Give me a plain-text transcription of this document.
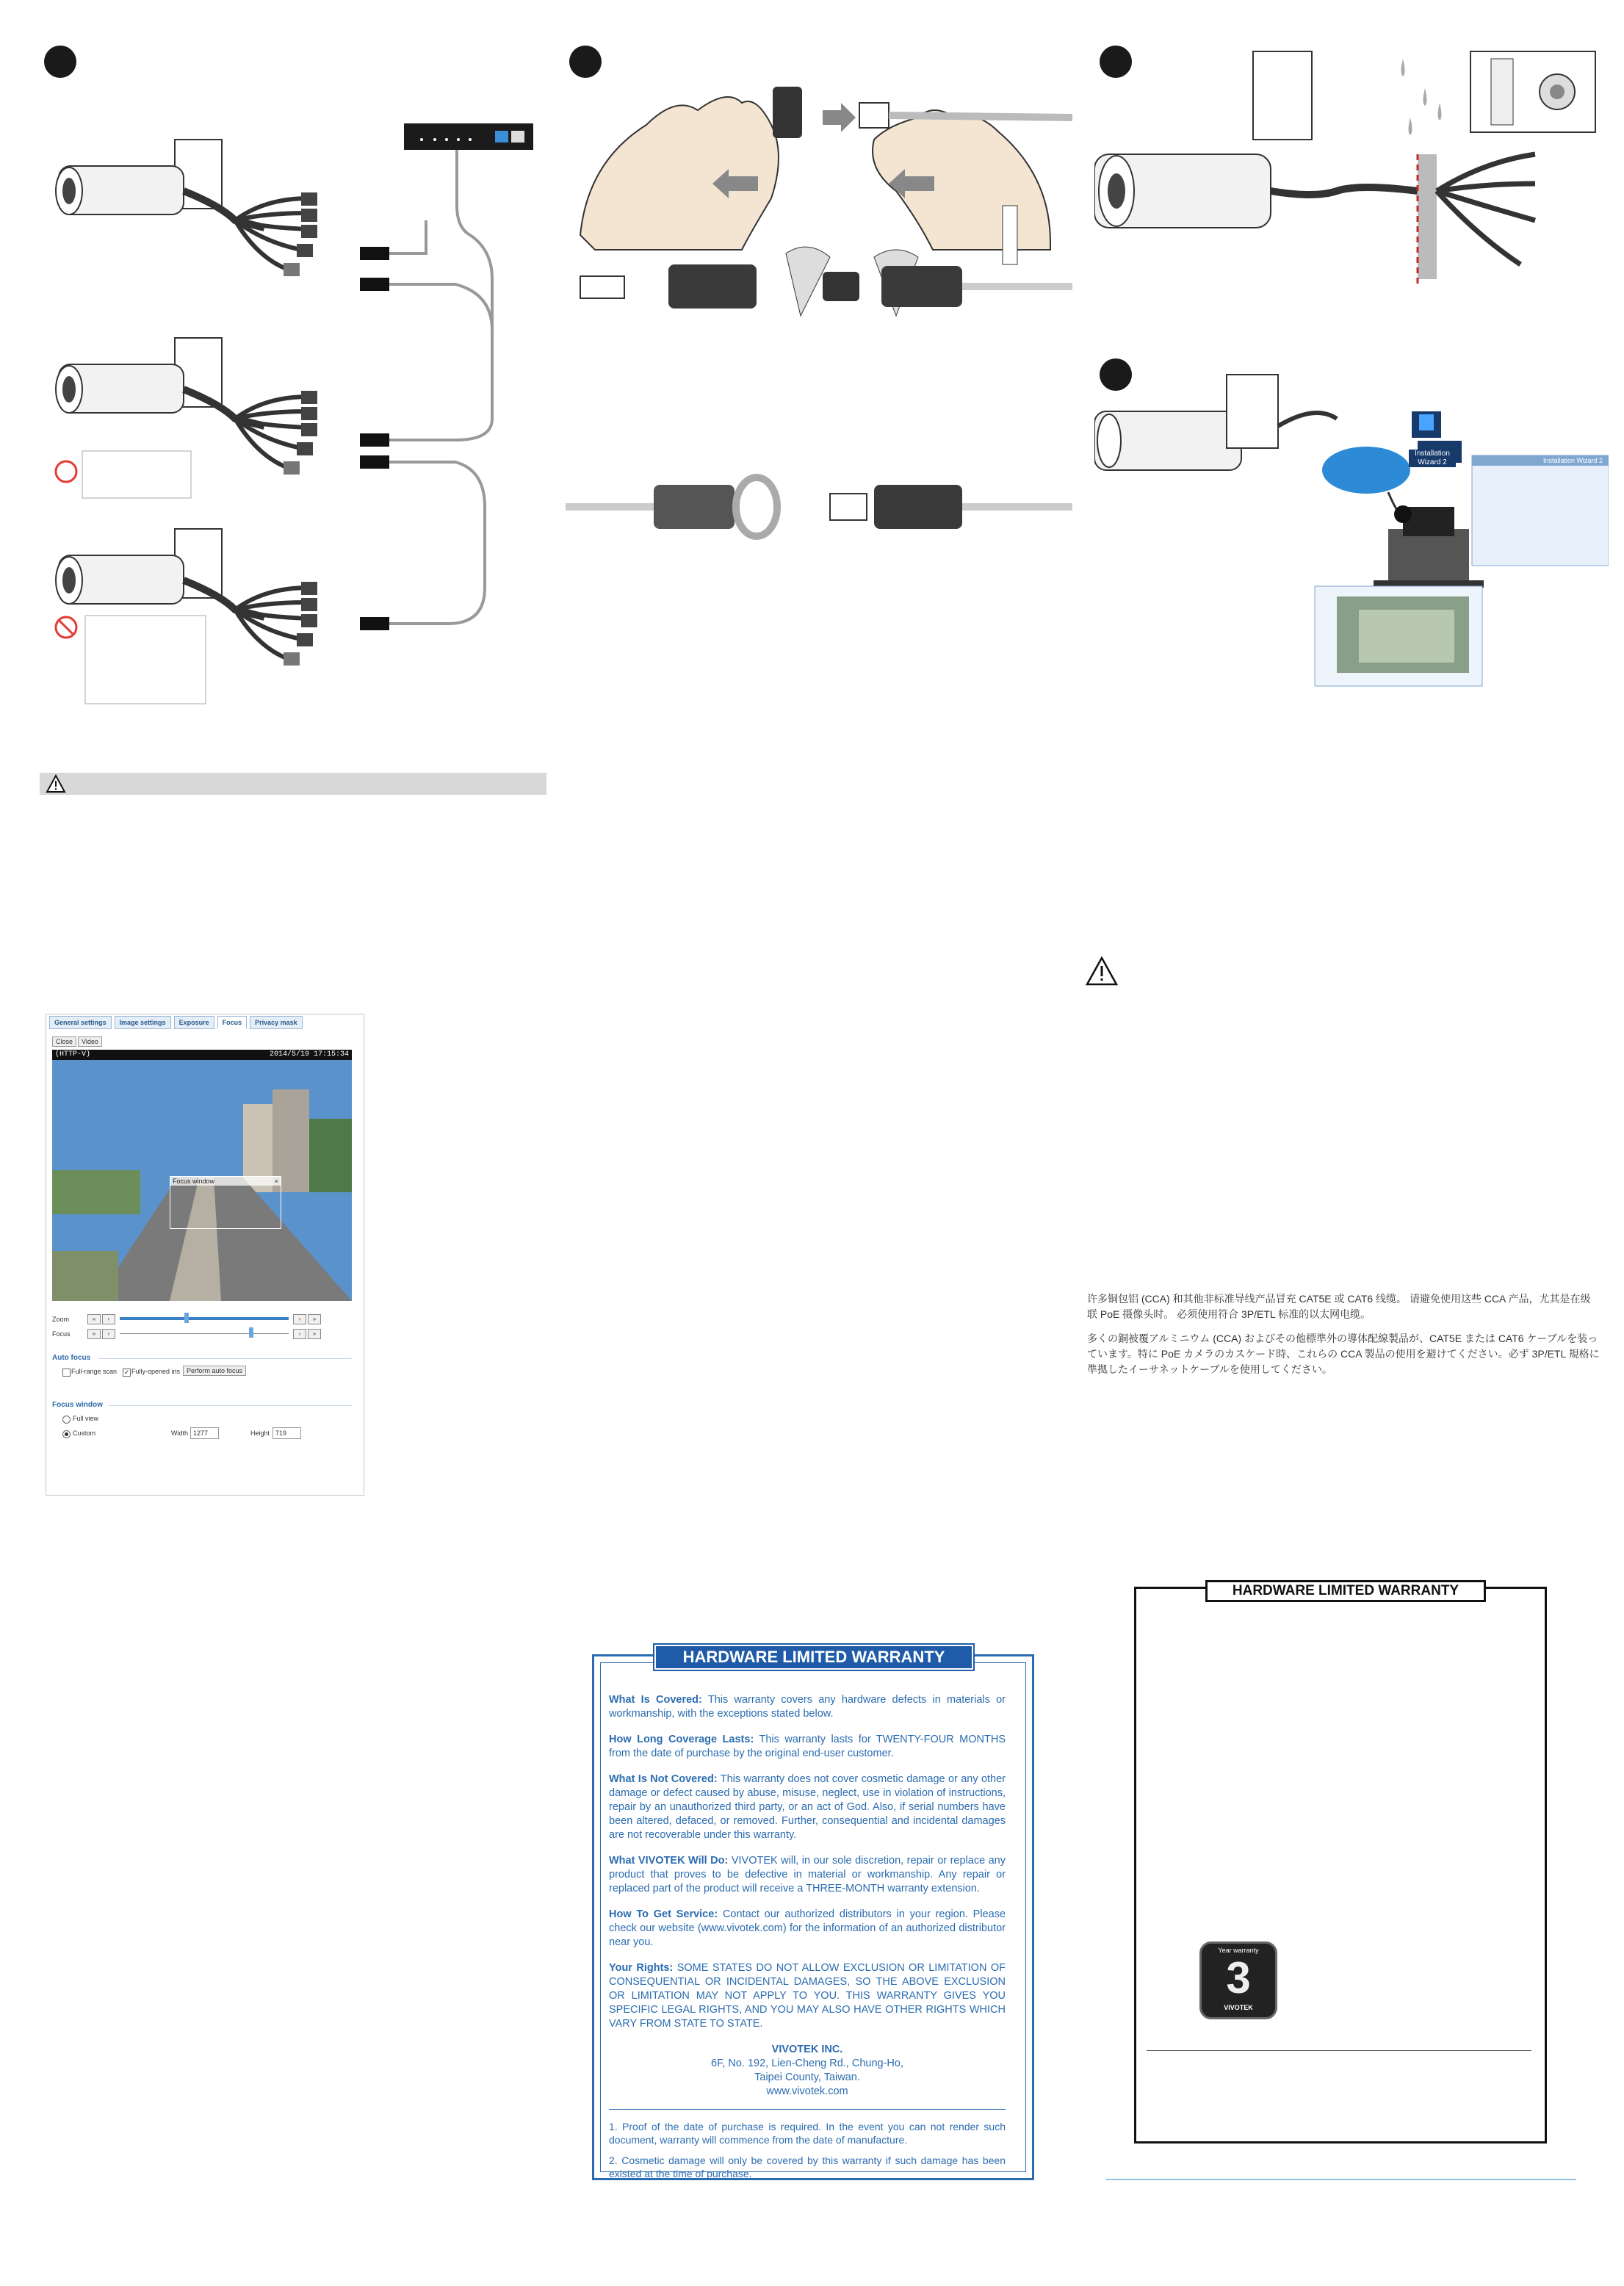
Installation Wizard 2	Installation Wizard 2
许多铜包铝 (CCA) 和其他非标准导线产品冒充 CAT5E 或 CAT6 线缆。 请避免使用这些 CCA 产品，尤其是在级联 PoE 摄像头时。 必须使用符合 3P/ETL 标准的以太网电缆。
多くの銅被覆アルミニウム (CCA) およびその他標準外の導体配線製品が、CAT5E または CAT6 ケーブルを装っています。特に PoE カメラのカスケード時、これらの CCA 製品の使用を避けてください。必ず 3P/ETL 規格に準拠したイーサネットケーブルを使用してください。
General settings	Image settings	Exposure	Focus	Privacy mask
Close	Video
(HTTP-V)	2014/5/19 17:15:34
Focus window	×
Zoom	«	‹	›	»
Focus	«	‹	›	»
Auto focus
Full-range scan ✓ Fully-opened iris Perform auto focus
Focus window
Full view
Custom	Width 1277	Height 719
HARDWARE LIMITED WARRANTY

What Is Covered: This warranty covers any hardware defects in materials or workmanship, with the exceptions stated below.

How Long Coverage Lasts: This warranty lasts for TWENTY-FOUR MONTHS from the date of purchase by the original end-user customer.

What Is Not Covered: This warranty does not cover cosmetic damage or any other damage or defect caused by abuse, misuse, neglect, use in violation of instructions, repair by an unauthorized third party, or an act of God. Also, if serial numbers have been altered, defaced, or removed. Further, consequential and incidental damages are not recoverable under this warranty.

What VIVOTEK Will Do: VIVOTEK will, in our sole discretion, repair or replace any product that proves to be defective in material or workmanship. Any repair or replaced part of the product will receive a THREE-MONTH warranty extension.

How To Get Service: Contact our authorized distributors in your region. Please check our website (www.vivotek.com) for the information of an authorized distributor near you.

Your Rights: SOME STATES DO NOT ALLOW EXCLUSION OR LIMITATION OF CONSEQUENTIAL OR INCIDENTAL DAMAGES, SO THE ABOVE EXCLUSION OR LIMITATION MAY NOT APPLY TO YOU. THIS WARRANTY GIVES YOU SPECIFIC LEGAL RIGHTS, AND YOU MAY ALSO HAVE OTHER RIGHTS WHICH VARY FROM STATE TO STATE.

VIVOTEK INC.
6F, No. 192, Lien-Cheng Rd., Chung-Ho,
Taipei County, Taiwan.
www.vivotek.com

1. Proof of the date of purchase is required. In the event you can not render such document, warranty will commence from the date of manufacture.

2. Cosmetic damage will only be covered by this warranty if such damage has been existed at the time of purchase.

HARDWARE LIMITED WARRANTY
Year warranty
3
VIVOTEK
